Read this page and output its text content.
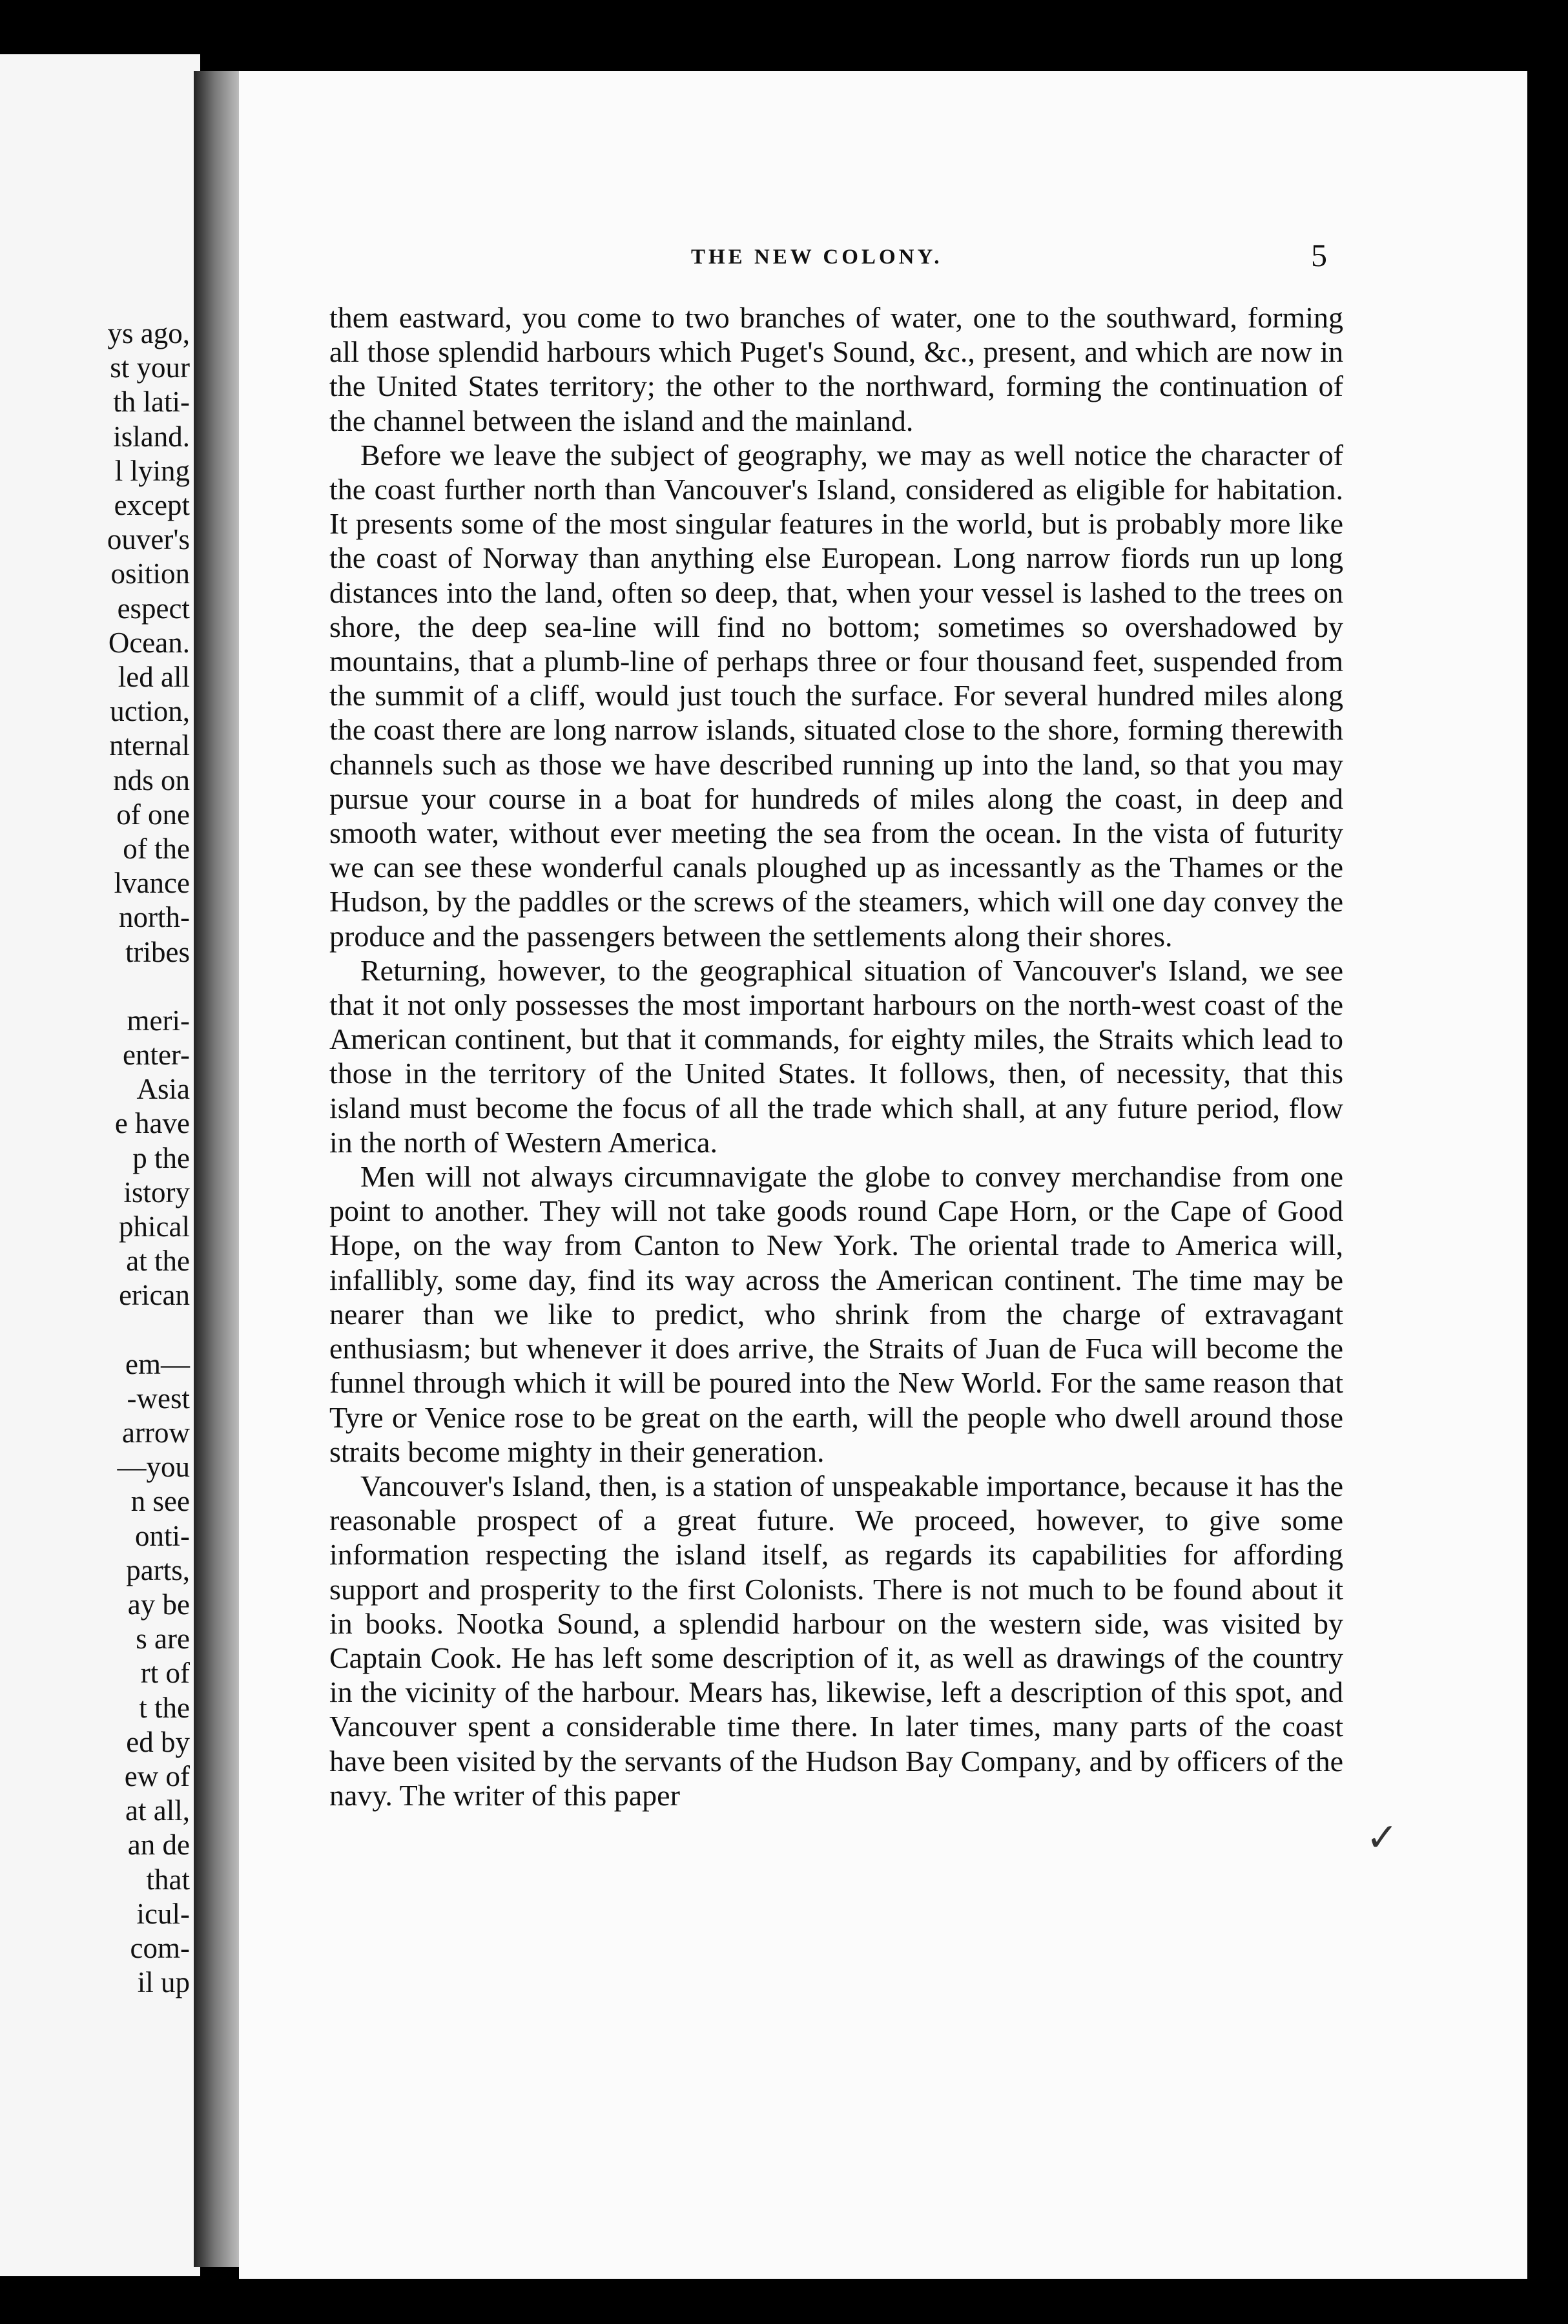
ys ago,
st your
th lati-
island.
l lying
except
ouver's
osition
espect
Ocean.
led all
uction,
nternal
nds on
of one
of the
lvance
north-
tribes
meri-
enter-
Asia
e have
p the
istory
phical
at the
erican
em—
-west
arrow
—you
n see
onti-
parts,
ay be
s are
rt of
t the
ed by
ew of
at all,
an de
that
icul-
com-
il up
THE NEW COLONY.	5

them eastward, you come to two branches of water, one to the southward, forming all those splendid harbours which Puget's Sound, &c., present, and which are now in the United States territory; the other to the northward, forming the continuation of the channel between the island and the mainland.

Before we leave the subject of geography, we may as well notice the character of the coast further north than Vancouver's Island, considered as eligible for habitation. It presents some of the most singular features in the world, but is probably more like the coast of Norway than anything else European. Long narrow fiords run up long distances into the land, often so deep, that, when your vessel is lashed to the trees on shore, the deep sea-line will find no bottom; sometimes so overshadowed by mountains, that a plumb-line of perhaps three or four thousand feet, suspended from the summit of a cliff, would just touch the surface. For several hundred miles along the coast there are long narrow islands, situated close to the shore, forming therewith channels such as those we have described running up into the land, so that you may pursue your course in a boat for hundreds of miles along the coast, in deep and smooth water, without ever meeting the sea from the ocean. In the vista of futurity we can see these wonderful canals ploughed up as incessantly as the Thames or the Hudson, by the paddles or the screws of the steamers, which will one day convey the produce and the passengers between the settlements along their shores.

Returning, however, to the geographical situation of Vancouver's Island, we see that it not only possesses the most important harbours on the north-west coast of the American continent, but that it commands, for eighty miles, the Straits which lead to those in the territory of the United States. It follows, then, of necessity, that this island must become the focus of all the trade which shall, at any future period, flow in the north of Western America.

Men will not always circumnavigate the globe to convey merchandise from one point to another. They will not take goods round Cape Horn, or the Cape of Good Hope, on the way from Canton to New York. The oriental trade to America will, infallibly, some day, find its way across the American continent. The time may be nearer than we like to predict, who shrink from the charge of extravagant enthusiasm; but whenever it does arrive, the Straits of Juan de Fuca will become the funnel through which it will be poured into the New World. For the same reason that Tyre or Venice rose to be great on the earth, will the people who dwell around those straits become mighty in their generation.

Vancouver's Island, then, is a station of unspeakable importance, because it has the reasonable prospect of a great future. We proceed, however, to give some information respecting the island itself, as regards its capabilities for affording support and prosperity to the first Colonists. There is not much to be found about it in books. Nootka Sound, a splendid harbour on the western side, was visited by Captain Cook. He has left some description of it, as well as drawings of the country in the vicinity of the harbour. Mears has, likewise, left a description of this spot, and Vancouver spent a considerable time there. In later times, many parts of the coast have been visited by the servants of the Hudson Bay Company, and by officers of the navy. The writer of this paper

✓
